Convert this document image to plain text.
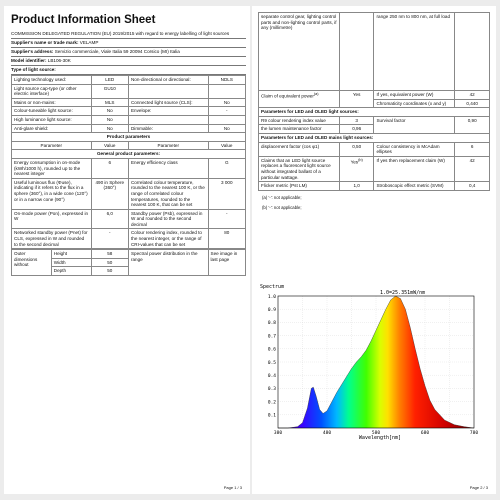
Product Information Sheet
COMMISSION DELEGATED REGULATION (EU) 2019/2015 with regard to energy labelling of light sources
Supplier's name or trade mark: VELAMP
Supplier's address: Servizio commerciale, Viale Italia 59 20094 Corsico (MI) Italia
Model identifier: LB106-30K
Type of light source:
Lighting technology used:	LED	Non-directional or directional:	NDLS
Light source cap-type (or other electric interface)	GU10		
Mains or non-mains:	MLS	Connected light source (CLS):	No
Colour-tuneable light source:	No	Envelope:	-
High luminance light source:	No		
Anti-glare shield:	No	Dimmable:	No
Product parameters			
Parameter	Value	Parameter	Value
General product parameters:			
Energy consumption in on-mode (kWh/1000 h), rounded up to the nearest integer	6	Energy efficiency class	G
Useful luminous flux (Φuse), indicating if it refers to the flux in a sphere (360°), in a wide cone (120°) or in a narrow cone (90°)	490 in Sphere (360°)	Correlated colour temperature, rounded to the nearest 100 K, or the range of correlated colour temperatures, rounded to the nearest 100 K, that can be set	3 000
On-mode power (Pon), expressed in W	6,0	Standby power (Psb), expressed in W and rounded to the second decimal	-
Networked standby power (Pnet) for CLS, expressed in W and rounded to the second decimal	-	Colour rendering index, rounded to the nearest integer, or the range of CRI-values that can be set	80
Outer dimensions without	Height	58	Spectral power distribution in the range	See image in last page
	Width	50		
	Depth	50		
Page 1 / 3
separate control gear, lighting control parts and non-lighting control parts, if any (millimetre)		range 250 nm to 800 nm, at full load	
Claim of equivalent power$^{(a)}$	Yes	If yes, equivalent power (W)	42
		Chromaticity coordinates (x and y)	0,440
Parameters for LED and OLED light sources:			
R9 colour rendering index value	3	Survival factor	0,90
the lumen maintenance factor	0,96		
Parameters for LED and OLED mains light sources:			
displacement factor (cos φ1)	0,50	Colour consistency in McAdam ellipses	6
Claims that an LED light source replaces a fluorescent light source without integrated ballast of a particular wattage.	Yes$^{(b)}$	If yes then replacement claim (W)	42
Flicker metric (Pst LM)	1,0	Stroboscopic effect metric (SVM)	0,4
(a) '-': not applicable;
(b) '-': not applicable;
1.0
0.9
0.8
0.7
0.6
0.5
0.4
0.3
0.2
0.1
380	480	580	680	780
Spectrum
1.0=25.351mW/nm
Wavelength[nm]
Page 2 / 3
